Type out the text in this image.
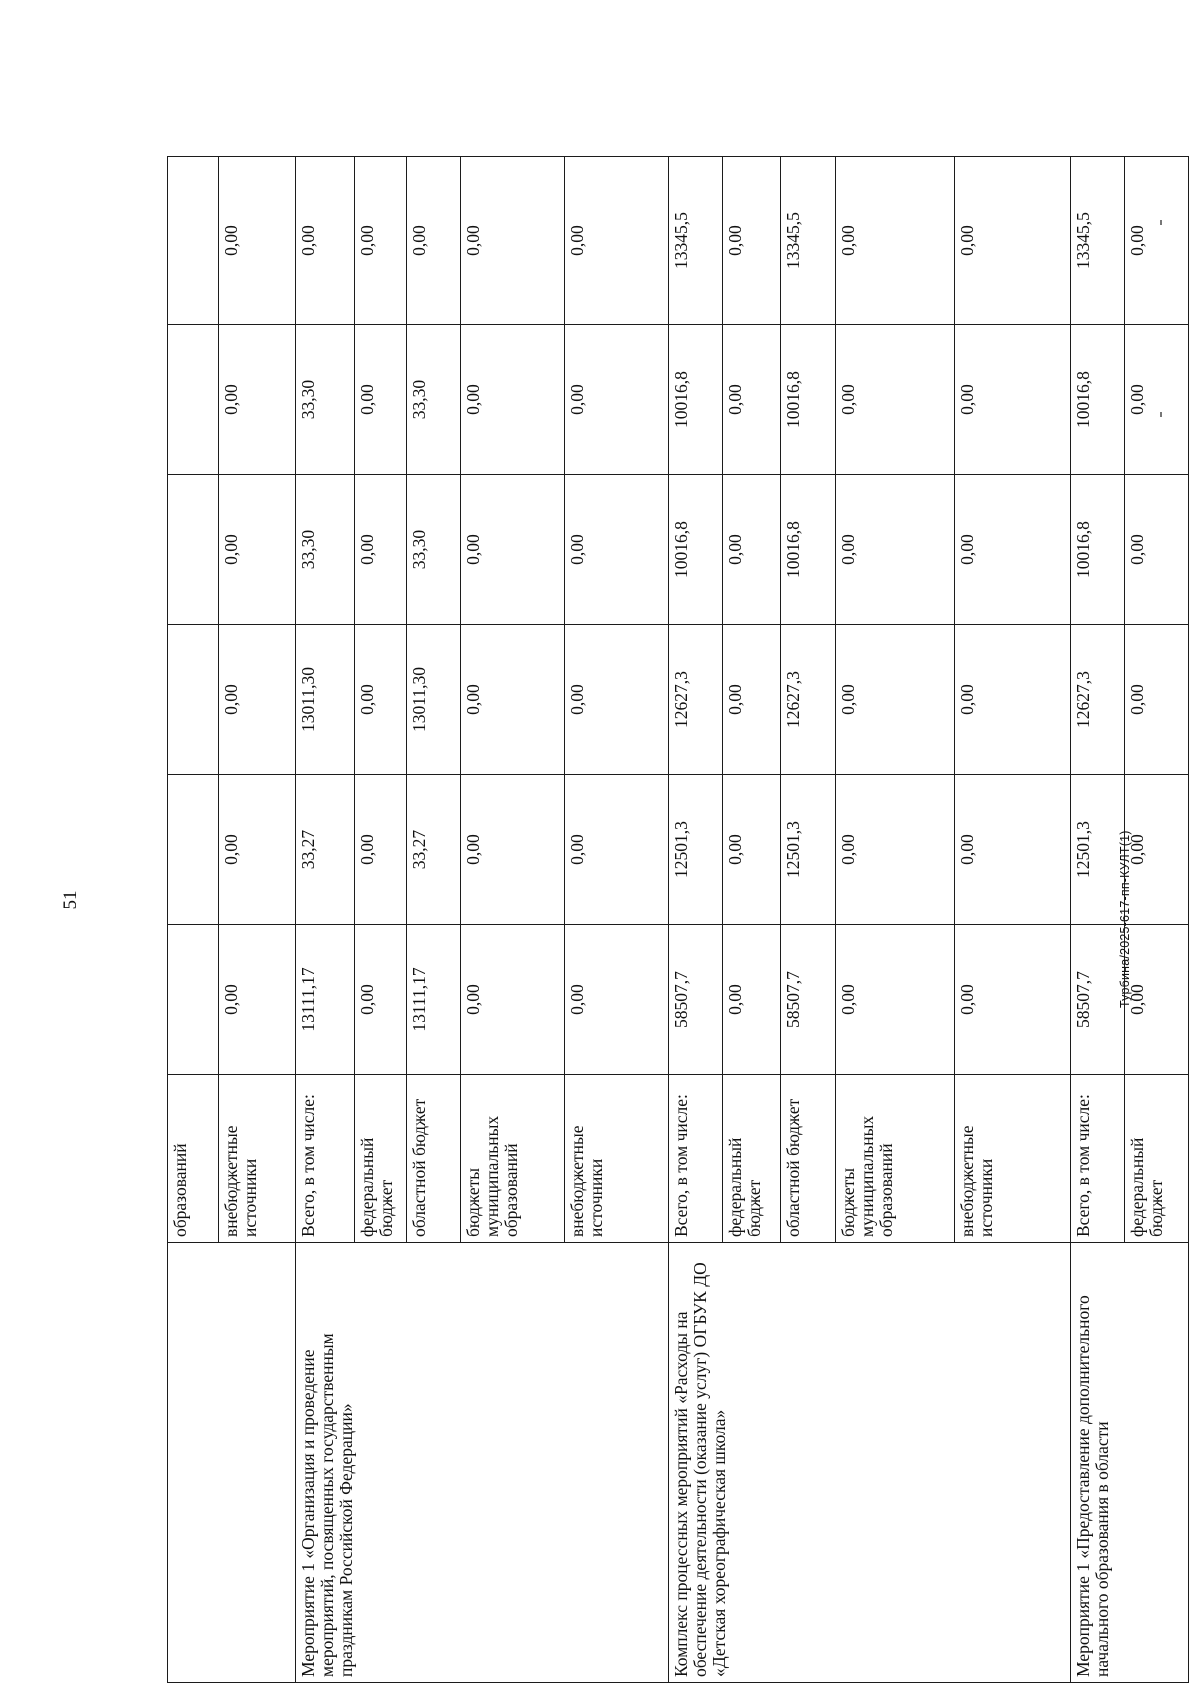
51
	образований						
	внебюджетные источники	0,00	0,00	0,00	0,00	0,00	0,00
Мероприятие 1 «Организация и проведение мероприятий, посвященных государственным праздникам Российской Федерации»	Всего, в том числе:	13111,17	33,27	13011,30	33,30	33,30	0,00
	федеральный бюджет	0,00	0,00	0,00	0,00	0,00	0,00
	областной бюджет	13111,17	33,27	13011,30	33,30	33,30	0,00
	бюджеты муниципальных образований	0,00	0,00	0,00	0,00	0,00	0,00
	внебюджетные источники	0,00	0,00	0,00	0,00	0,00	0,00
Комплекс процессных мероприятий «Расходы на обеспечение деятельности (оказание услуг) ОГБУК ДО «Детская хореографическая школа»	Всего, в том числе:	58507,7	12501,3	12627,3	10016,8	10016,8	13345,5
	федеральный бюджет	0,00	0,00	0,00	0,00	0,00	0,00
	областной бюджет	58507,7	12501,3	12627,3	10016,8	10016,8	13345,5
	бюджеты муниципальных образований	0,00	0,00	0,00	0,00	0,00	0,00
	внебюджетные источники	0,00	0,00	0,00	0,00	0,00	0,00
Мероприятие 1 «Предоставление дополнительного начального образования в области	Всего, в том числе:	58507,7	12501,3	12627,3	10016,8	10016,8	13345,5
	федеральный бюджет	0,00	0,00	0,00	0,00	0,00	0,00
Турбина/2025-617-пп-КУЛТ(1)
